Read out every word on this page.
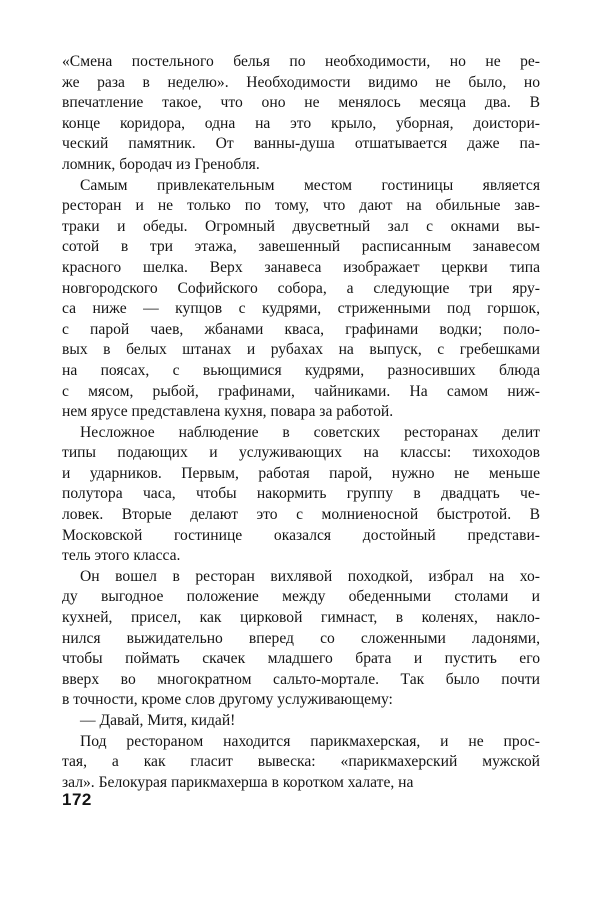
«Смена постельного белья по необходимости, но не ре-
же раза в неделю». Необходимости видимо не было, но
впечатление такое, что оно не менялось месяца два. В
конце коридора, одна на это крыло, уборная, доистори-
ческий памятник. От ванны-душа отшатывается даже па-
ломник, бородач из Гренобля.
Самым привлекательным местом гостиницы является
ресторан и не только по тому, что дают на обильные зав-
траки и обеды. Огромный двусветный зал с окнами вы-
сотой в три этажа, завешенный расписанным занавесом
красного шелка. Верх занавеса изображает церкви типа
новгородского Софийского собора, а следующие три яру-
са ниже — купцов с кудрями, стриженными под горшок,
с парой чаев, жбанами кваса, графинами водки; поло-
вых в белых штанах и рубахах на выпуск, с гребешками
на поясах, с вьющимися кудрями, разносивших блюда
с мясом, рыбой, графинами, чайниками. На самом ниж-
нем ярусе представлена кухня, повара за работой.
Несложное наблюдение в советских ресторанах делит
типы подающих и услуживающих на классы: тихоходов
и ударников. Первым, работая парой, нужно не меньше
полутора часа, чтобы накормить группу в двадцать че-
ловек. Вторые делают это с молниеносной быстротой. В
Московской гостинице оказался достойный представи-
тель этого класса.
Он вошел в ресторан вихлявой походкой, избрал на хо-
ду выгодное положение между обеденными столами и
кухней, присел, как цирковой гимнаст, в коленях, накло-
нился выжидательно вперед со сложенными ладонями,
чтобы поймать скачек младшего брата и пустить его
вверх во многократном сальто-мортале. Так было почти
в точности, кроме слов другому услуживающему:
— Давай, Митя, кидай!
Под рестораном находится парикмахерская, и не прос-
тая, а как гласит вывеска: «парикмахерский мужской
зал». Белокурая парикмахерша в коротком халате, на
172
